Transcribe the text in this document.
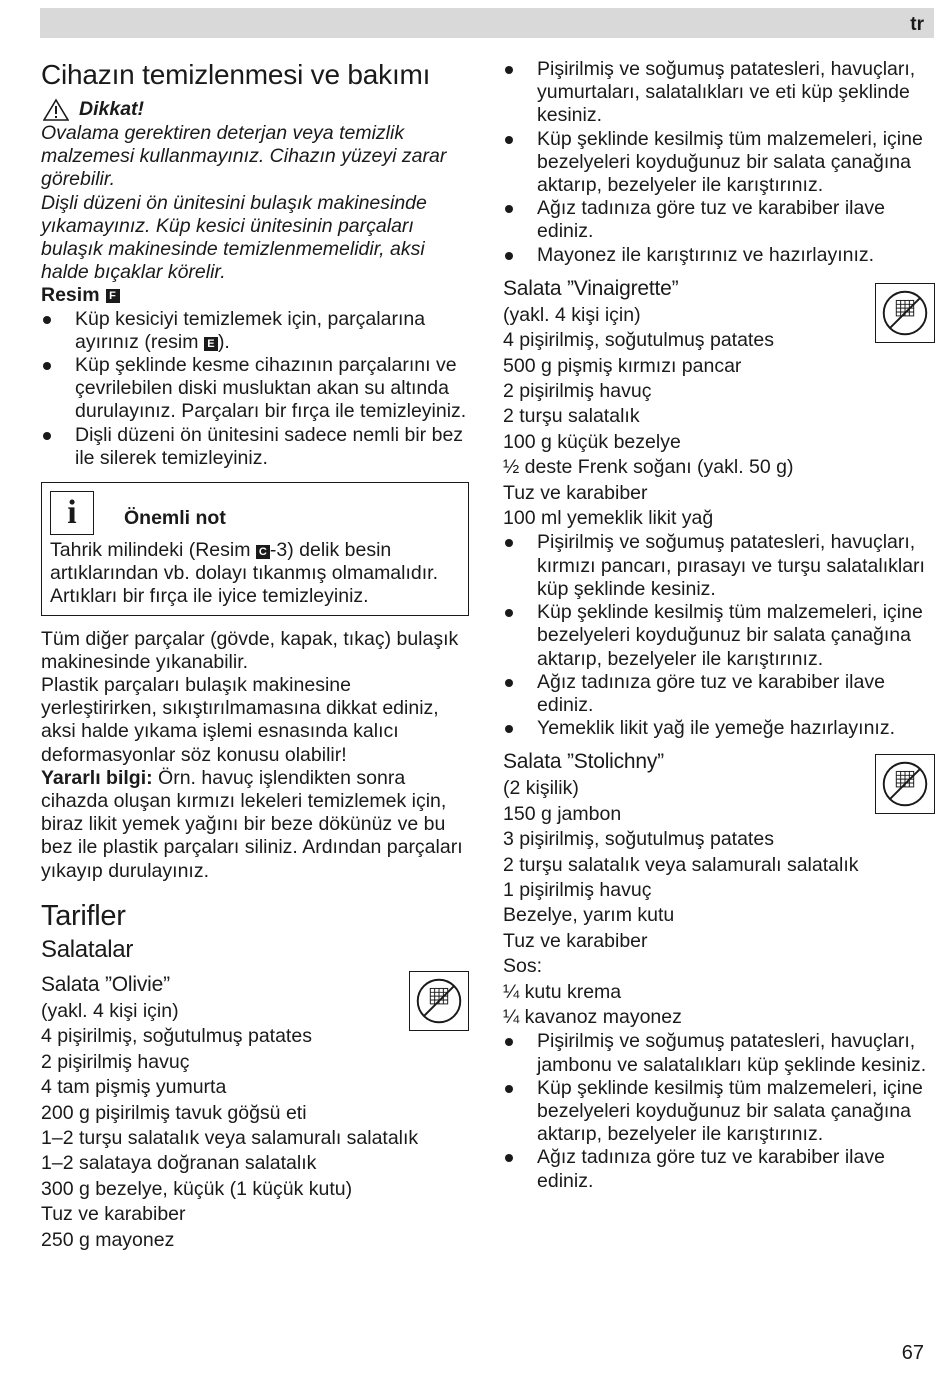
tr
Cihazın temizlenmesi ve bakımı
Dikkat!

Ovalama gerektiren deterjan veya temizlik malzemesi kullanmayınız. Cihazın yüzeyi zarar görebilir.

Dişli düzeni ön ünitesini bulaşık makinesinde yıkamayınız. Küp kesici ünitesinin parçaları bulaşık makinesinde temizlenmemelidir, aksi halde bıçaklar körelir.

Resim F
Küp kesiciyi temizlemek için, parçalarına ayırınız (resim E ).
Küp şeklinde kesme cihazının parçalarını ve çevrilebilen diski musluktan akan su altında durulayınız. Parçaları bir fırça ile temizleyiniz.
Dişli düzeni ön ünitesini sadece nemli bir bez ile silerek temizleyiniz.
i	Önemli not

Tahrik milindeki (Resim C -3) delik besin artıklarından vb. dolayı tıkanmış olmamalıdır. Artıkları bir fırça ile iyice temizleyiniz.

Tüm diğer parçalar (gövde, kapak, tıkaç) bulaşık makinesinde yıkanabilir.

Plastik parçaları bulaşık makinesine yerleştirirken, sıkıştırılmamasına dikkat ediniz, aksi halde yıkama işlemi esnasında kalıcı deformasyonlar söz konusu olabilir!

Yararlı bilgi: Örn. havuç işlendikten sonra cihazda oluşan kırmızı lekeleri temizlemek için, biraz likit yemek yağını bir beze dökünüz ve bu bez ile plastik parçaları siliniz. Ardından parçaları yıkayıp durulayınız.

Tarifler
Salatalar
Salata ”Olivie”
(yakl. 4 kişi için)
4 pişirilmiş, soğutulmuş patates
2 pişirilmiş havuç
4 tam pişmiş yumurta
200 g pişirilmiş tavuk göğsü eti
1–2 turşu salatalık veya salamuralı salatalık
1–2 salataya doğranan salatalık
300 g bezelye, küçük (1 küçük kutu)
Tuz ve karabiber
250 g mayonez
Pişirilmiş ve soğumuş patatesleri, havuçları, yumurtaları, salatalıkları ve eti küp şeklinde kesiniz.
Küp şeklinde kesilmiş tüm malzemeleri, içine bezelyeleri koyduğunuz bir salata çanağına aktarıp, bezelyeler ile karıştırınız.
Ağız tadınıza göre tuz ve karabiber ilave ediniz.
Mayonez ile karıştırınız ve hazırlayınız.
Salata ”Vinaigrette”
(yakl. 4 kişi için)
4 pişirilmiş, soğutulmuş patates
500 g pişmiş kırmızı pancar
2 pişirilmiş havuç
2 turşu salatalık
100 g küçük bezelye
½ deste Frenk soğanı (yakl. 50 g)
Tuz ve karabiber
100 ml yemeklik likit yağ
Pişirilmiş ve soğumuş patatesleri, havuçları, kırmızı pancarı, pırasayı ve turşu salatalıkları küp şeklinde kesiniz.
Küp şeklinde kesilmiş tüm malzemeleri, içine bezelyeleri koyduğunuz bir salata çanağına aktarıp, bezelyeler ile karıştırınız.
Ağız tadınıza göre tuz ve karabiber ilave ediniz.
Yemeklik likit yağ ile yemeğe hazırlayınız.
Salata ”Stolichny”
(2 kişilik)
150 g jambon
3 pişirilmiş, soğutulmuş patates
2 turşu salatalık veya salamuralı salatalık
1 pişirilmiş havuç
Bezelye, yarım kutu
Tuz ve karabiber
Sos:
¼ kutu krema
¼ kavanoz mayonez
Pişirilmiş ve soğumuş patatesleri, havuçları, jambonu ve salatalıkları küp şeklinde kesiniz.
Küp şeklinde kesilmiş tüm malzemeleri, içine bezelyeleri koyduğunuz bir salata çanağına aktarıp, bezelyeler ile karıştırınız.
Ağız tadınıza göre tuz ve karabiber ilave ediniz.
67
